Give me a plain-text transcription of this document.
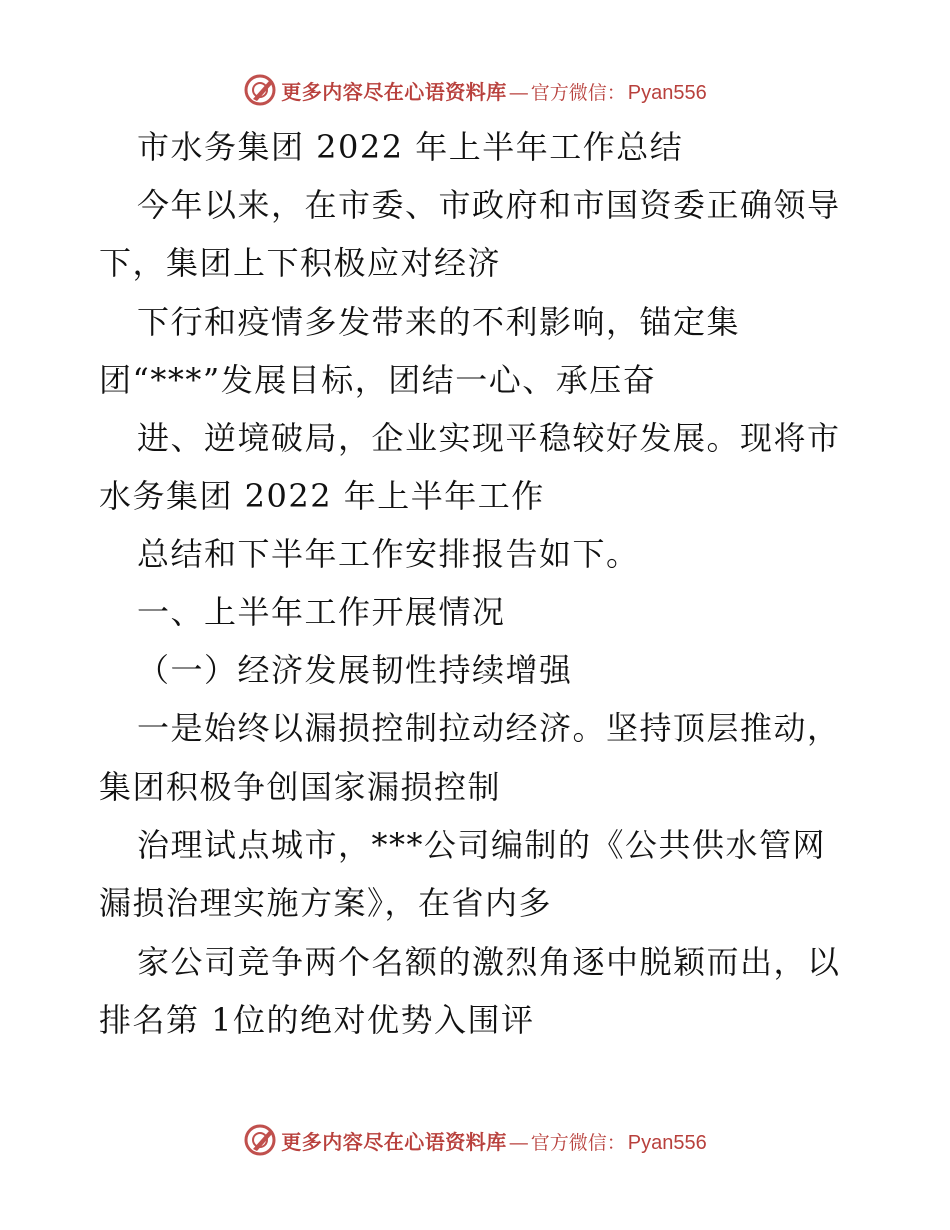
更多内容尽在心语资料库 — 官方微信： Pyan556
市水务集团 2022 年上半年工作总结
今年以来，在市委、市政府和市国资委正确领导
下，集团上下积极应对经济
下行和疫情多发带来的不利影响，锚定集
团“***”发展目标，团结一心、承压奋
进、逆境破局，企业实现平稳较好发展。现将市
水务集团 2022 年上半年工作
总结和下半年工作安排报告如下。
一、上半年工作开展情况
（一）经济发展韧性持续增强
一是始终以漏损控制拉动经济。坚持顶层推动，
集团积极争创国家漏损控制
治理试点城市，***公司编制的《公共供水管网
漏损治理实施方案》，在省内多
家公司竞争两个名额的激烈角逐中脱颖而出，以
排名第 1位的绝对优势入围评
更多内容尽在心语资料库 — 官方微信： Pyan556
